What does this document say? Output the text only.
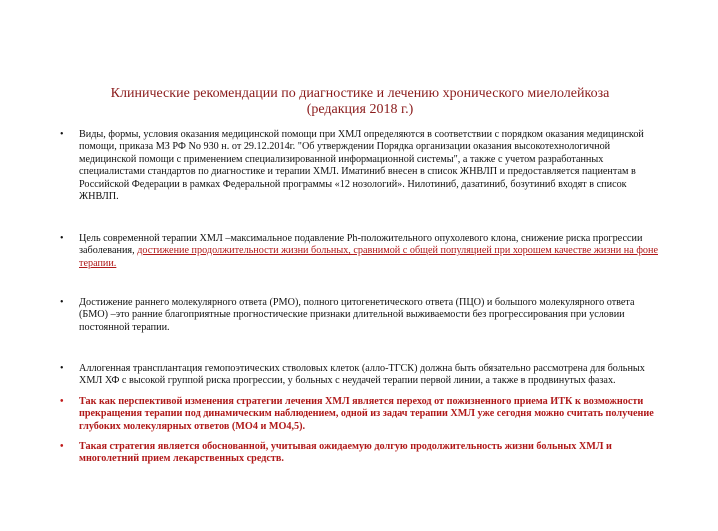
Клинические рекомендации по диагностике и лечению хронического миелолейкоза
(редакция 2018 г.)
•	Виды, формы, условия оказания медицинской помощи при ХМЛ определяются в соответствии с порядком оказания медицинской помощи, приказа МЗ РФ No 930 н. от 29.12.2014г. "Об утверждении Порядка организации оказания высокотехнологичной медицинской помощи с применением специализированной информационной системы", а также с учетом разработанных специалистами стандартов по диагностике и терапии ХМЛ. Иматиниб внесен в список ЖНВЛП и предоставляется пациентам в Российской Федерации в рамках Федеральной программы «12 нозологий». Нилотиниб, дазатиниб, бозутиниб входят в список ЖНВЛП.
•	Цель современной терапии ХМЛ –максимальное подавление Ph-положительного опухолевого клона, снижение риска прогрессии заболевания, достижение продолжительности жизни больных, сравнимой с общей популяцией при хорошем качестве жизни на фоне терапии.
•	Достижение раннего молекулярного ответа (РМО), полного цитогенетического ответа (ПЦО) и большого молекулярного ответа (БМО) –это ранние благоприятные прогностические признаки длительной выживаемости без прогрессирования при условии постоянной терапии.
•	Аллогенная трансплантация гемопоэтических стволовых клеток (алло-ТГСК) должна быть обязательно рассмотрена для больных ХМЛ ХФ с высокой группой риска прогрессии, у больных с неудачей терапии первой линии, а также в продвинутых фазах.
•	Так как перспективой изменения стратегии лечения ХМЛ является переход от пожизненного приема ИТК к возможности прекращения терапии под динамическим наблюдением, одной из задач терапии ХМЛ уже сегодня можно считать получение глубоких молекулярных ответов (МО4 и МО4,5).
•	Такая стратегия является обоснованной, учитывая ожидаемую долгую продолжительность жизни больных ХМЛ и многолетний прием лекарственных средств.
